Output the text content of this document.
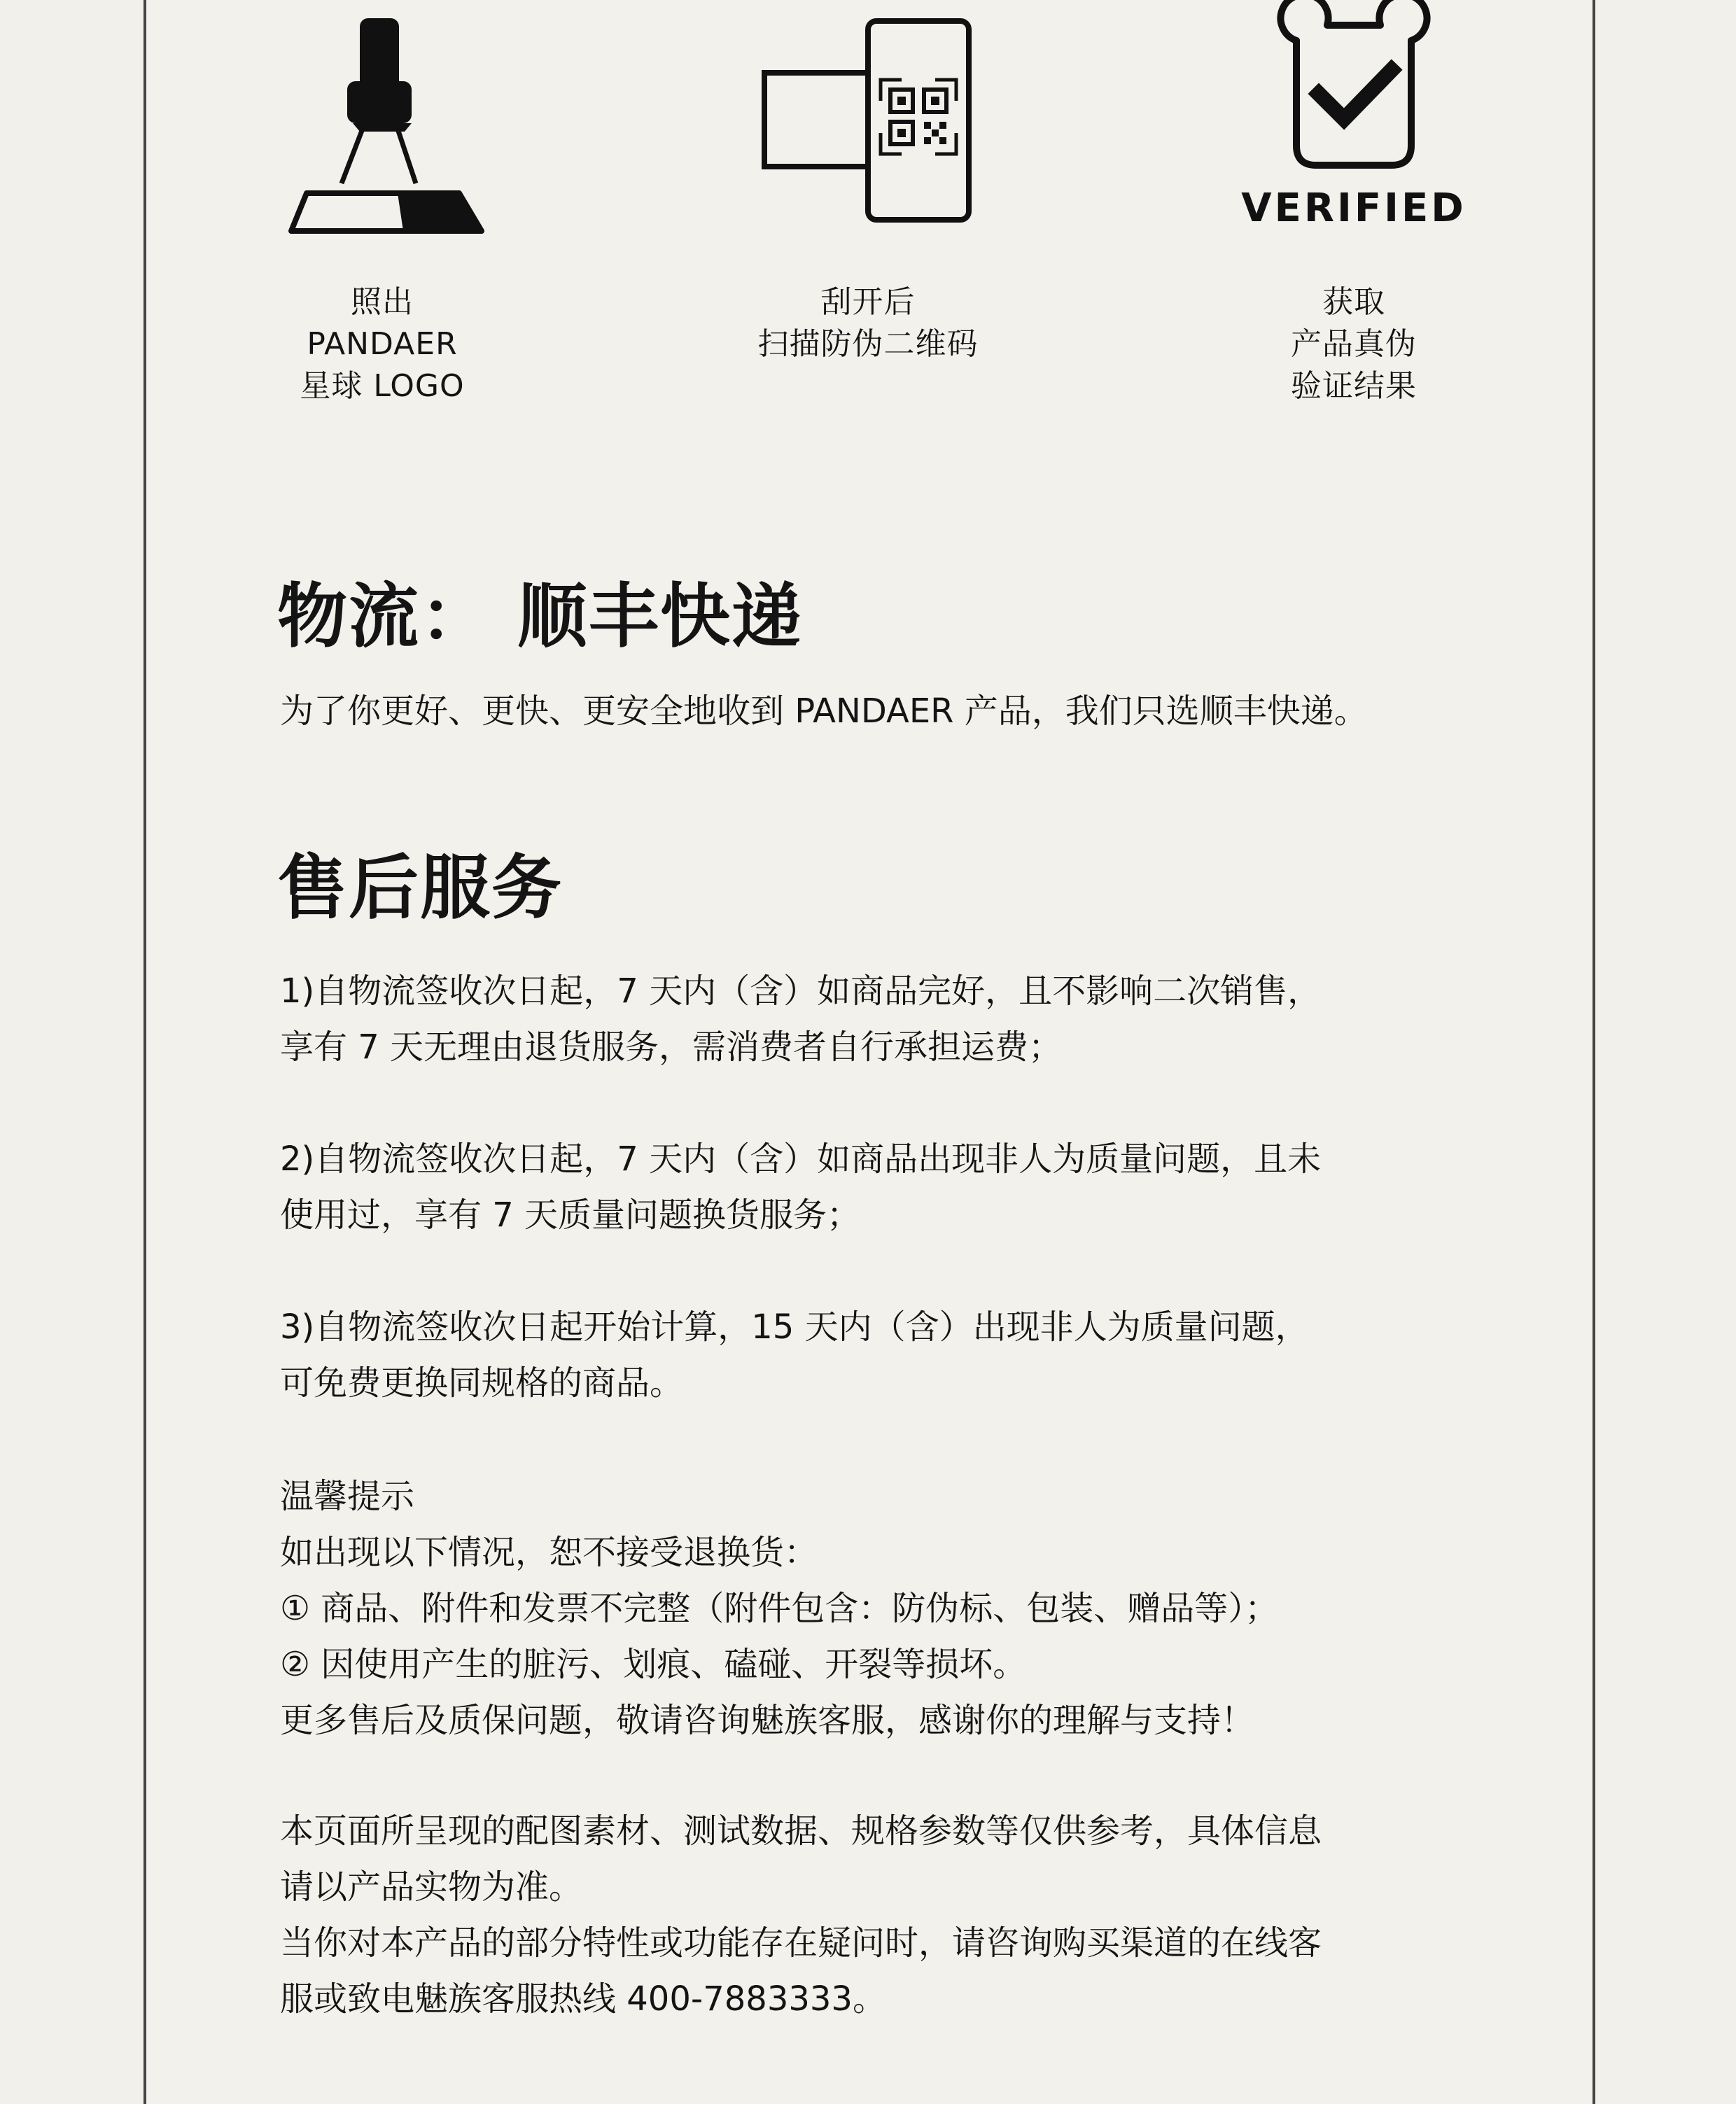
照出
PANDAER
星球 LOGO
刮开后
扫描防伪二维码
VERIFIED
获取
产品真伪
验证结果
物流： 顺丰快递
为了你更好、更快、更安全地收到 PANDAER 产品，我们只选顺丰快递。
售后服务
1)自物流签收次日起，7 天内（含）如商品完好，且不影响二次销售，
享有 7 天无理由退货服务，需消费者自行承担运费；
2)自物流签收次日起，7 天内（含）如商品出现非人为质量问题，且未
使用过，享有 7 天质量问题换货服务；
3)自物流签收次日起开始计算，15 天内（含）出现非人为质量问题，
可免费更换同规格的商品。
温馨提示
如出现以下情况，恕不接受退换货：
① 商品、附件和发票不完整（附件包含：防伪标、包装、赠品等）；
② 因使用产生的脏污、划痕、磕碰、开裂等损坏。
更多售后及质保问题，敬请咨询魅族客服，感谢你的理解与支持！
本页面所呈现的配图素材、测试数据、规格参数等仅供参考，具体信息
请以产品实物为准。
当你对本产品的部分特性或功能存在疑问时，请咨询购买渠道的在线客
服或致电魅族客服热线 400-7883333。
